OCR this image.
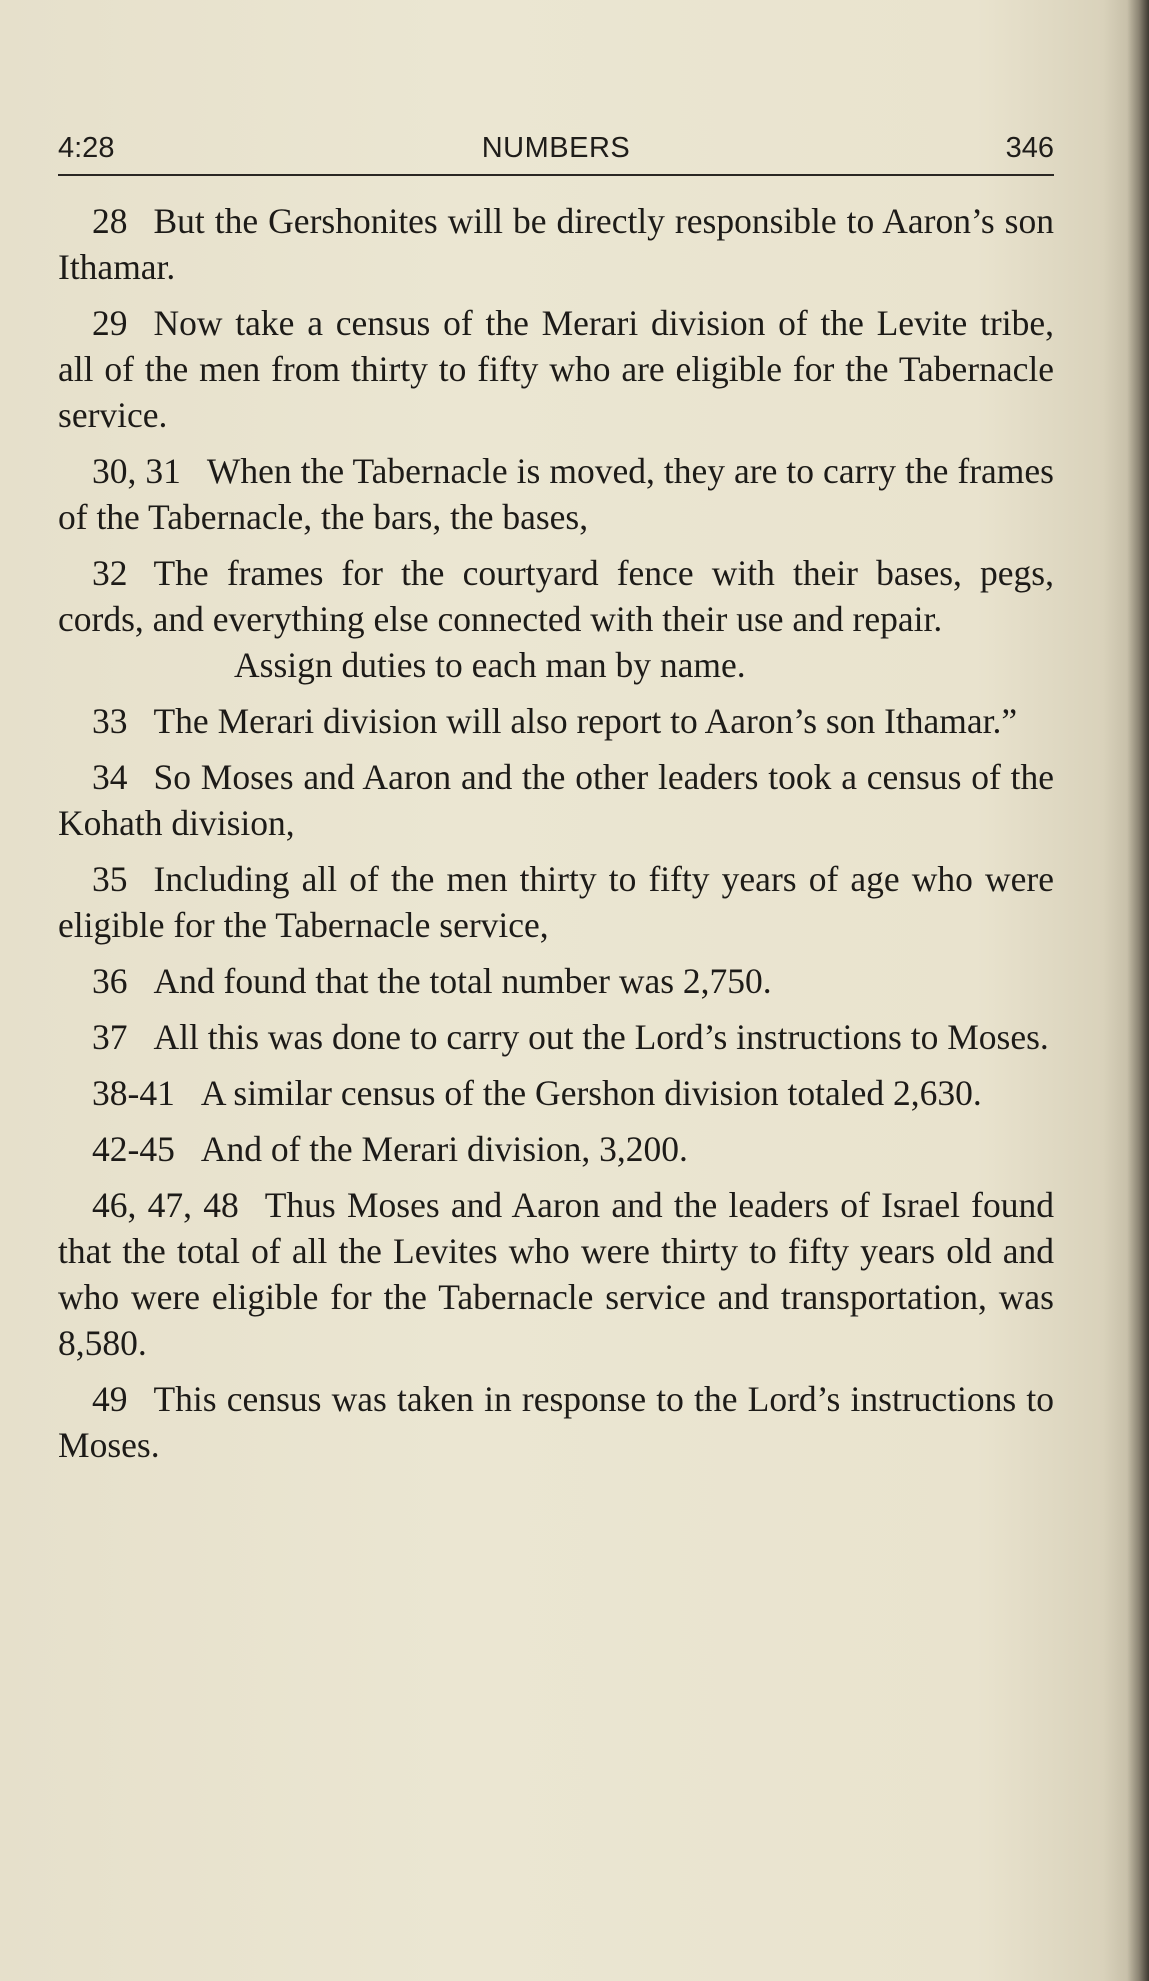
4:28	NUMBERS	346

28 But the Gershonites will be directly responsible to Aaron’s son Ithamar.

29 Now take a census of the Merari division of the Levite tribe, all of the men from thirty to fifty who are eligible for the Tabernacle service.

30, 31 When the Tabernacle is moved, they are to carry the frames of the Tabernacle, the bars, the bases,

32 The frames for the courtyard fence with their bases, pegs, cords, and everything else connected with their use and repair.

Assign duties to each man by name.

33 The Merari division will also report to Aaron’s son Ithamar.”

34 So Moses and Aaron and the other leaders took a census of the Kohath division,

35 Including all of the men thirty to fifty years of age who were eligible for the Tabernacle service,

36 And found that the total number was 2,750.

37 All this was done to carry out the Lord’s instructions to Moses.

38-41 A similar census of the Gershon division totaled 2,630.

42-45 And of the Merari division, 3,200.

46, 47, 48 Thus Moses and Aaron and the leaders of Israel found that the total of all the Levites who were thirty to fifty years old and who were eligible for the Tabernacle service and transportation, was 8,580.

49 This census was taken in response to the Lord’s instructions to Moses.
